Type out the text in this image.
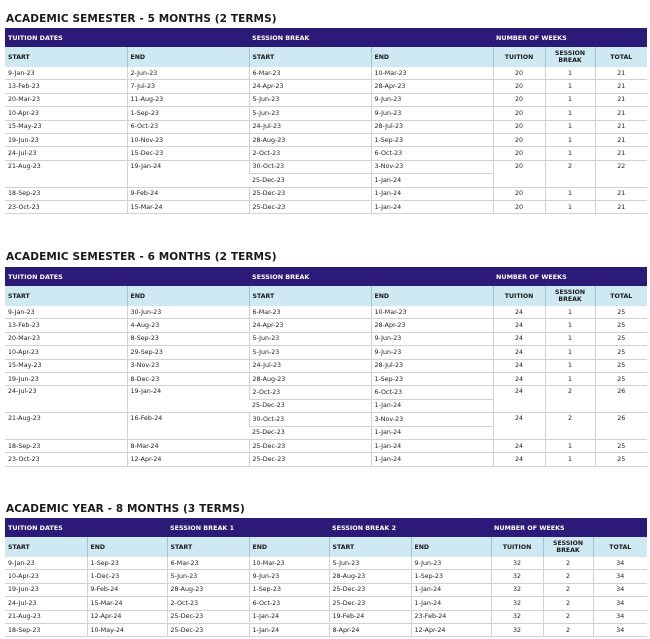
ACADEMIC SEMESTER - 5 MONTHS (2 TERMS)
TUITION DATES		SESSION BREAK		NUMBER OF WEEKS		
START	END	START	END	TUITION	SESSION BREAK	TOTAL
9-Jan-23	2-Jun-23	6-Mar-23	10-Mar-23	20	1	21
13-Feb-23	7-Jul-23	24-Apr-23	28-Apr-23	20	1	21
20-Mar-23	11-Aug-23	5-Jun-23	9-Jun-23	20	1	21
10-Apr-23	1-Sep-23	5-Jun-23	9-Jun-23	20	1	21
15-May-23	6-Oct-23	24-Jul-23	28-Jul-23	20	1	21
19-Jun-23	10-Nov-23	28-Aug-23	1-Sep-23	20	1	21
24-Jul-23	15-Dec-23	2-Oct-23	6-Oct-23	20	1	21
21-Aug-23	19-Jan-24	30-Oct-23	3-Nov-23	20	2	22
		25-Dec-23	1-Jan-24			
18-Sep-23	9-Feb-24	25-Dec-23	1-Jan-24	20	1	21
23-Oct-23	15-Mar-24	25-Dec-23	1-Jan-24	20	1	21
ACADEMIC SEMESTER - 6 MONTHS (2 TERMS)
TUITION DATES		SESSION BREAK		NUMBER OF WEEKS		
START	END	START	END	TUITION	SESSION BREAK	TOTAL
9-Jan-23	30-Jun-23	6-Mar-23	10-Mar-23	24	1	25
13-Feb-23	4-Aug-23	24-Apr-23	28-Apr-23	24	1	25
20-Mar-23	8-Sep-23	5-Jun-23	9-Jun-23	24	1	25
10-Apr-23	29-Sep-23	5-Jun-23	9-Jun-23	24	1	25
15-May-23	3-Nov-23	24-Jul-23	28-Jul-23	24	1	25
19-Jun-23	8-Dec-23	28-Aug-23	1-Sep-23	24	1	25
24-Jul-23	19-Jan-24	2-Oct-23	6-Oct-23	24	2	26
		25-Dec-23	1-Jan-24			
21-Aug-23	16-Feb-24	30-Oct-23	3-Nov-23	24	2	26
		25-Dec-23	1-Jan-24			
18-Sep-23	8-Mar-24	25-Dec-23	1-Jan-24	24	1	25
23-Oct-23	12-Apr-24	25-Dec-23	1-Jan-24	24	1	25
ACADEMIC YEAR - 8 MONTHS (3 TERMS)
TUITION DATES		SESSION BREAK 1		SESSION BREAK 2		NUMBER OF WEEKS		
START	END	START	END	START	END	TUITION	SESSION BREAK	TOTAL
9-Jan-23	1-Sep-23	6-Mar-23	10-Mar-23	5-Jun-23	9-Jun-23	32	2	34
10-Apr-23	1-Dec-23	5-Jun-23	9-Jun-23	28-Aug-23	1-Sep-23	32	2	34
19-Jun-23	9-Feb-24	28-Aug-23	1-Sep-23	25-Dec-23	1-Jan-24	32	2	34
24-Jul-23	15-Mar-24	2-Oct-23	6-Oct-23	25-Dec-23	1-Jan-24	32	2	34
21-Aug-23	12-Apr-24	25-Dec-23	1-Jan-24	19-Feb-24	23-Feb-24	32	2	34
18-Sep-23	10-May-24	25-Dec-23	1-Jan-24	8-Apr-24	12-Apr-24	32	2	34
